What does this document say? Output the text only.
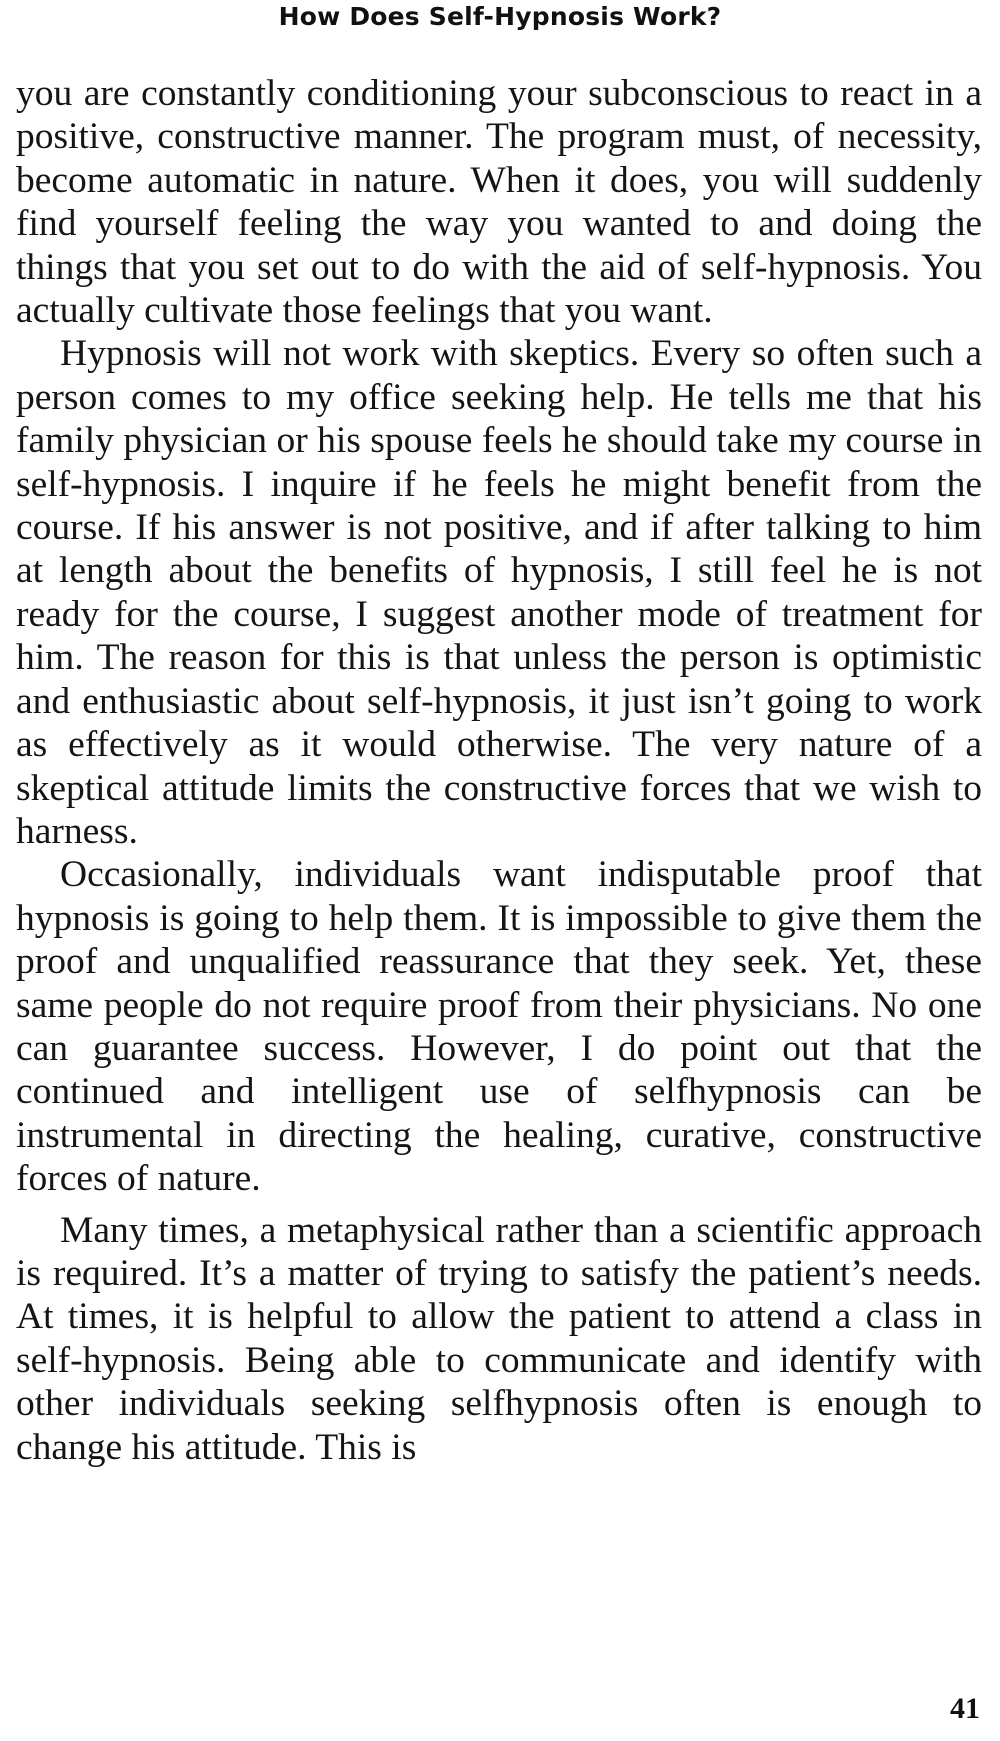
How Does Self-Hypnosis Work?

you are constantly conditioning your subconscious to react in a positive, constructive manner. The program must, of necessity, become automatic in nature. When it does, you will suddenly find yourself feeling the way you wanted to and doing the things that you set out to do with the aid of self-hypnosis. You actually cultivate those feelings that you want.

Hypnosis will not work with skeptics. Every so often such a person comes to my office seeking help. He tells me that his family physician or his spouse feels he should take my course in self-hypnosis. I inquire if he feels he might benefit from the course. If his answer is not positive, and if after talking to him at length about the benefits of hypnosis, I still feel he is not ready for the course, I suggest another mode of treatment for him. The reason for this is that unless the person is optimistic and enthusiastic about self-hypnosis, it just isn’t going to work as effectively as it would otherwise. The very nature of a skeptical attitude limits the constructive forces that we wish to harness.

Occasionally, individuals want indisputable proof that hypnosis is going to help them. It is impossible to give them the proof and unqualified reassurance that they seek. Yet, these same people do not require proof from their physicians. No one can guarantee success. However, I do point out that the continued and intelligent use of selfhypnosis can be instrumental in directing the healing, curative, constructive forces of nature.

Many times, a metaphysical rather than a scientific approach is required. It’s a matter of trying to satisfy the patient’s needs. At times, it is helpful to allow the patient to attend a class in self-hypnosis. Being able to communicate and identify with other individuals seeking selfhypnosis often is enough to change his attitude. This is

41
